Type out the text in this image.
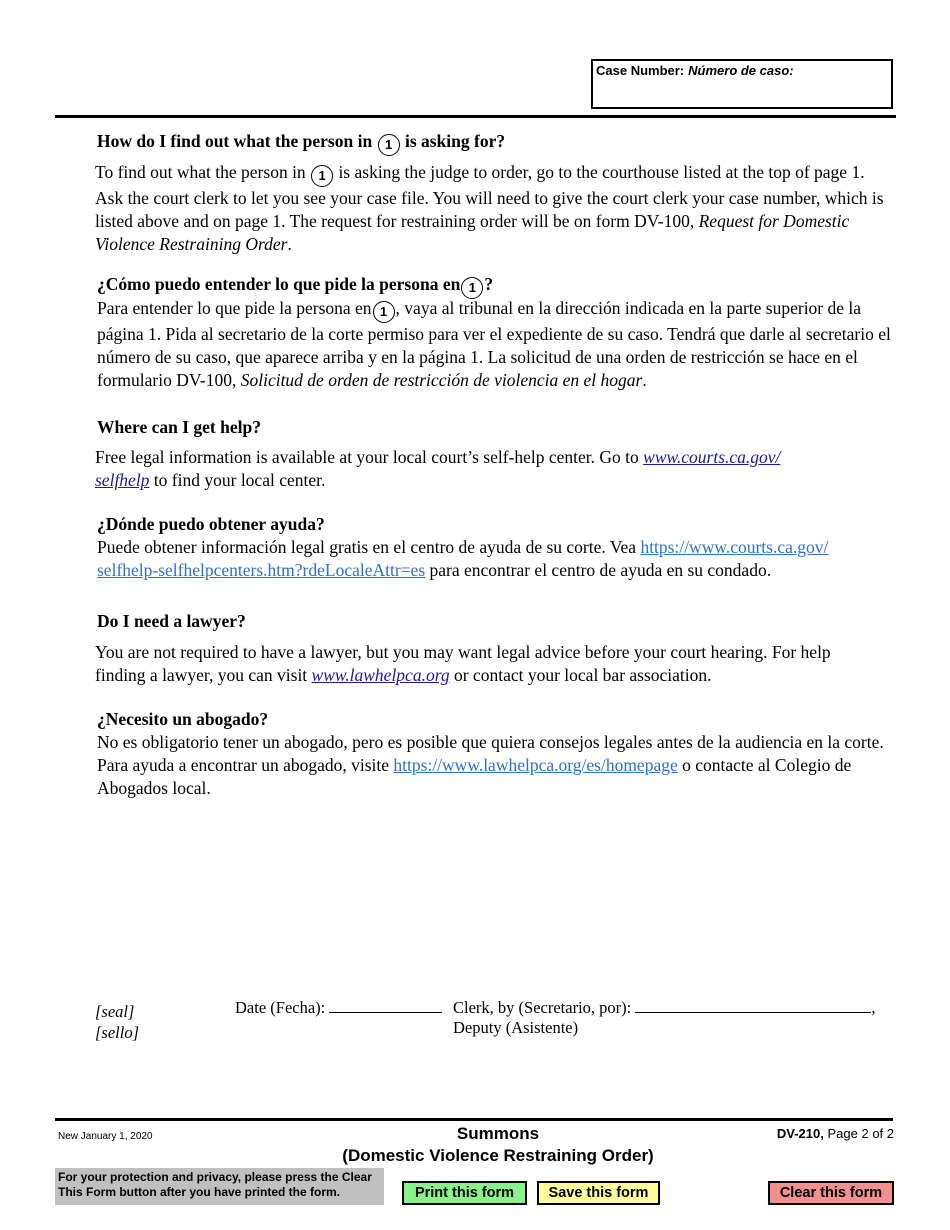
Case Number: Número de caso:
How do I find out what the person in 1 is asking for?

To find out what the person in 1 is asking the judge to order, go to the courthouse listed at the top of page 1. Ask the court clerk to let you see your case file. You will need to give the court clerk your case number, which is listed above and on page 1. The request for restraining order will be on form DV-100, Request for Domestic Violence Restraining Order.

¿Cómo puedo entender lo que pide la persona en 1 ?

Para entender lo que pide la persona en 1 , vaya al tribunal en la dirección indicada en la parte superior de la página 1. Pida al secretario de la corte permiso para ver el expediente de su caso. Tendrá que darle al secretario el número de su caso, que aparece arriba y en la página 1. La solicitud de una orden de restricción se hace en el formulario DV-100, Solicitud de orden de restricción de violencia en el hogar.

Where can I get help?

Free legal information is available at your local court’s self-help center. Go to www.courts.ca.gov/
selfhelp to find your local center.

¿Dónde puedo obtener ayuda?

Puede obtener información legal gratis en el centro de ayuda de su corte. Vea https://www.courts.ca.gov/
selfhelp-selfhelpcenters.htm?rdeLocaleAttr=es para encontrar el centro de ayuda en su condado.

Do I need a lawyer?

You are not required to have a lawyer, but you may want legal advice before your court hearing. For help finding a lawyer, you can visit www.lawhelpca.org or contact your local bar association.

¿Necesito un abogado?

No es obligatorio tener un abogado, pero es posible que quiera consejos legales antes de la audiencia en la corte. Para ayuda a encontrar un abogado, visite https://www.lawhelpca.org/es/homepage o contacte al Colegio de Abogados local.

[seal]
[sello]
Date (Fecha):	Clerk, by (Secretario, por):	,
Deputy (Asistente)
New January 1, 2020	Summons
(Domestic Violence Restraining Order)
DV-210, Page 2 of 2
For your protection and privacy, please press the Clear This Form button after you have printed the form.	Print this form	Save this form	Clear this form
